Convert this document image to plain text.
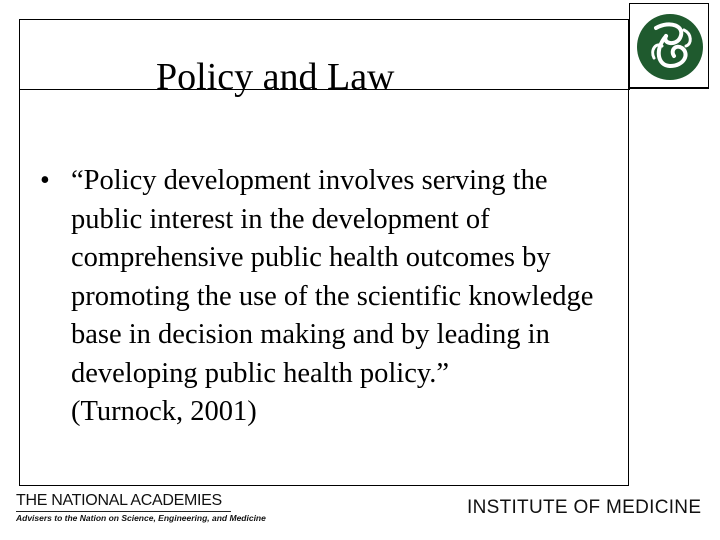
Policy and Law
• “Policy development involves serving the
public interest in the development of
comprehensive public health outcomes by
promoting the use of the scientific knowledge
base in decision making and by leading in
developing public health policy.”
(Turnock, 2001)
THE NATIONAL ACADEMIES
Advisers to the Nation on Science, Engineering, and Medicine	INSTITUTE OF MEDICINE
